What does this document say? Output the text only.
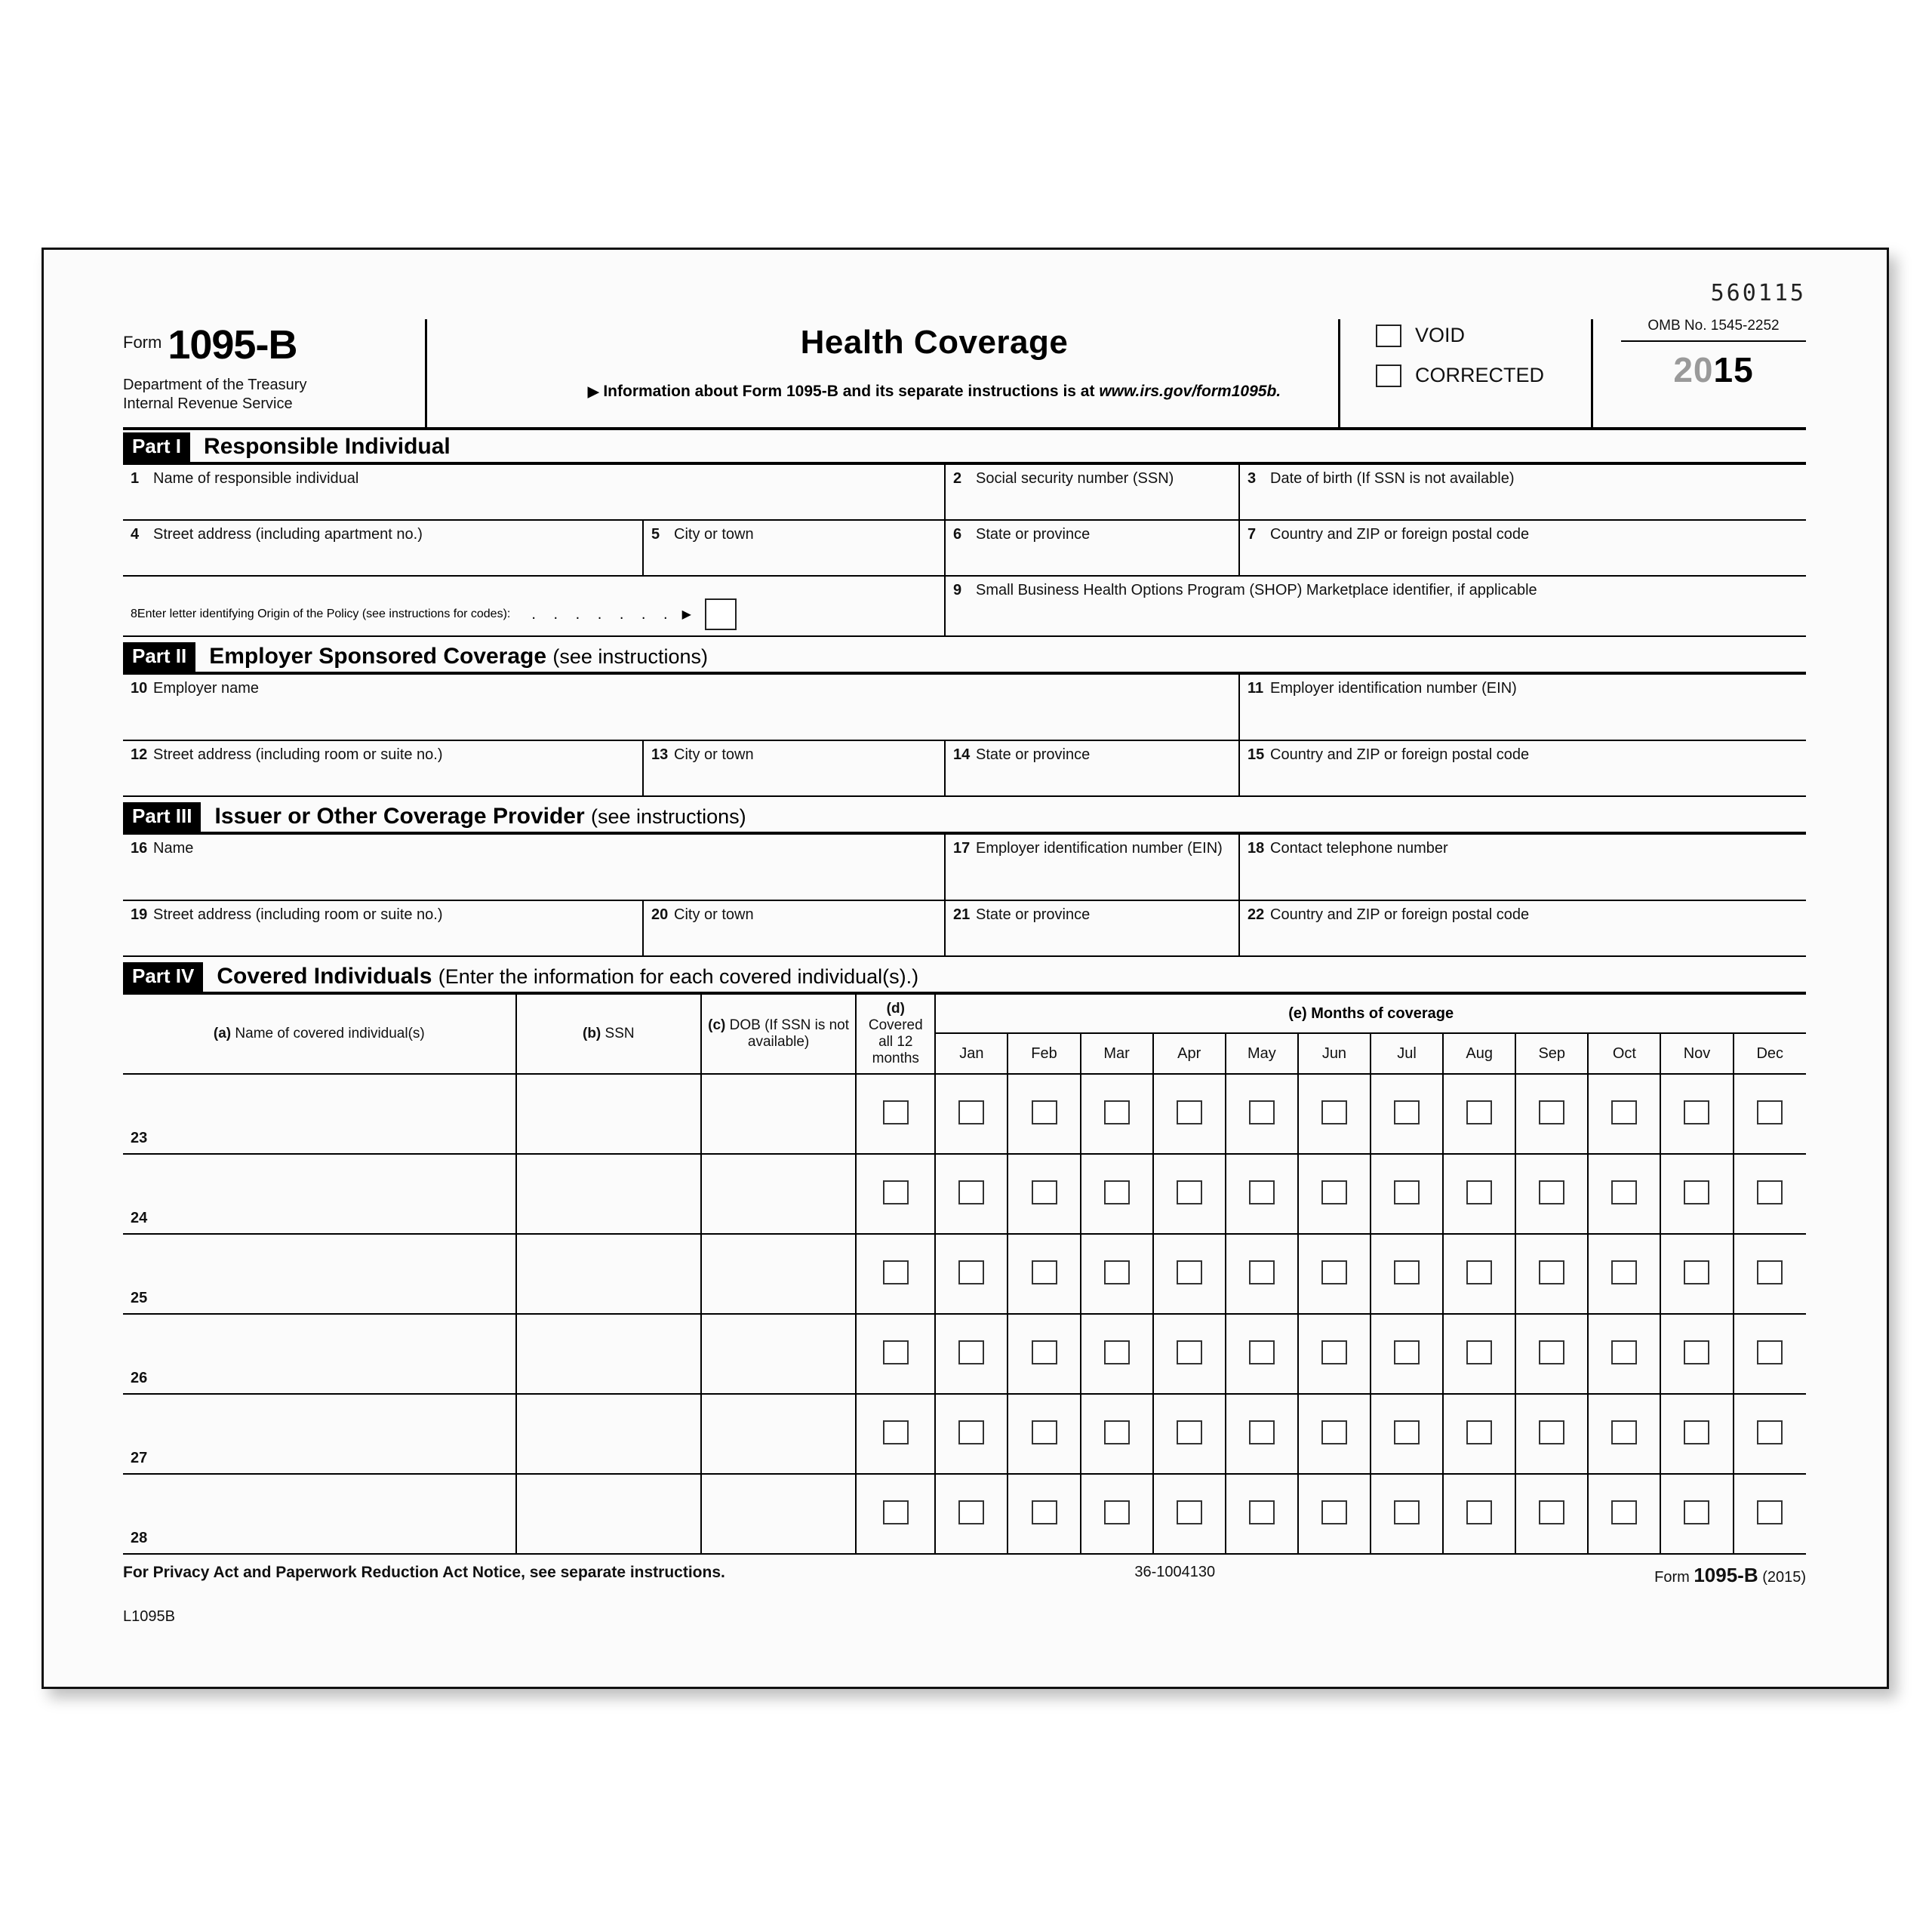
560115
Form 1095-B
Department of the Treasury
Internal Revenue Service
Health Coverage
▶ Information about Form 1095-B and its separate instructions is at www.irs.gov/form1095b.
VOID
CORRECTED
OMB No. 1545-2252
2015
Part I	Responsible Individual
1 Name of responsible individual	2 Social security number (SSN)	3 Date of birth (If SSN is not available)
4 Street address (including apartment no.)	5 City or town	6 State or province	7 Country and ZIP or foreign postal code
8 Enter letter identifying Origin of the Policy (see instructions for codes): . . . . . . . ▶
9 Small Business Health Options Program (SHOP) Marketplace identifier, if applicable
Part II	Employer Sponsored Coverage (see instructions)
10 Employer name	11 Employer identification number (EIN)
12 Street address (including room or suite no.)	13 City or town	14 State or province	15 Country and ZIP or foreign postal code
Part III	Issuer or Other Coverage Provider (see instructions)
16 Name	17 Employer identification number (EIN)	18 Contact telephone number
19 Street address (including room or suite no.)	20 City or town	21 State or province	22 Country and ZIP or foreign postal code
Part IV	Covered Individuals (Enter the information for each covered individual(s).)
(a) Name of covered individual(s)	(b) SSN	(c) DOB (If SSN is not available)	(d) Covered all 12 months	(e) Months of coverage											
				Jan	Feb	Mar	Apr	May	Jun	Jul	Aug	Sep	Oct	Nov	Dec
23															
24															
25															
26															
27															
28															
For Privacy Act and Paperwork Reduction Act Notice, see separate instructions.	36-1004130	Form 1095-B (2015)
L1095B
